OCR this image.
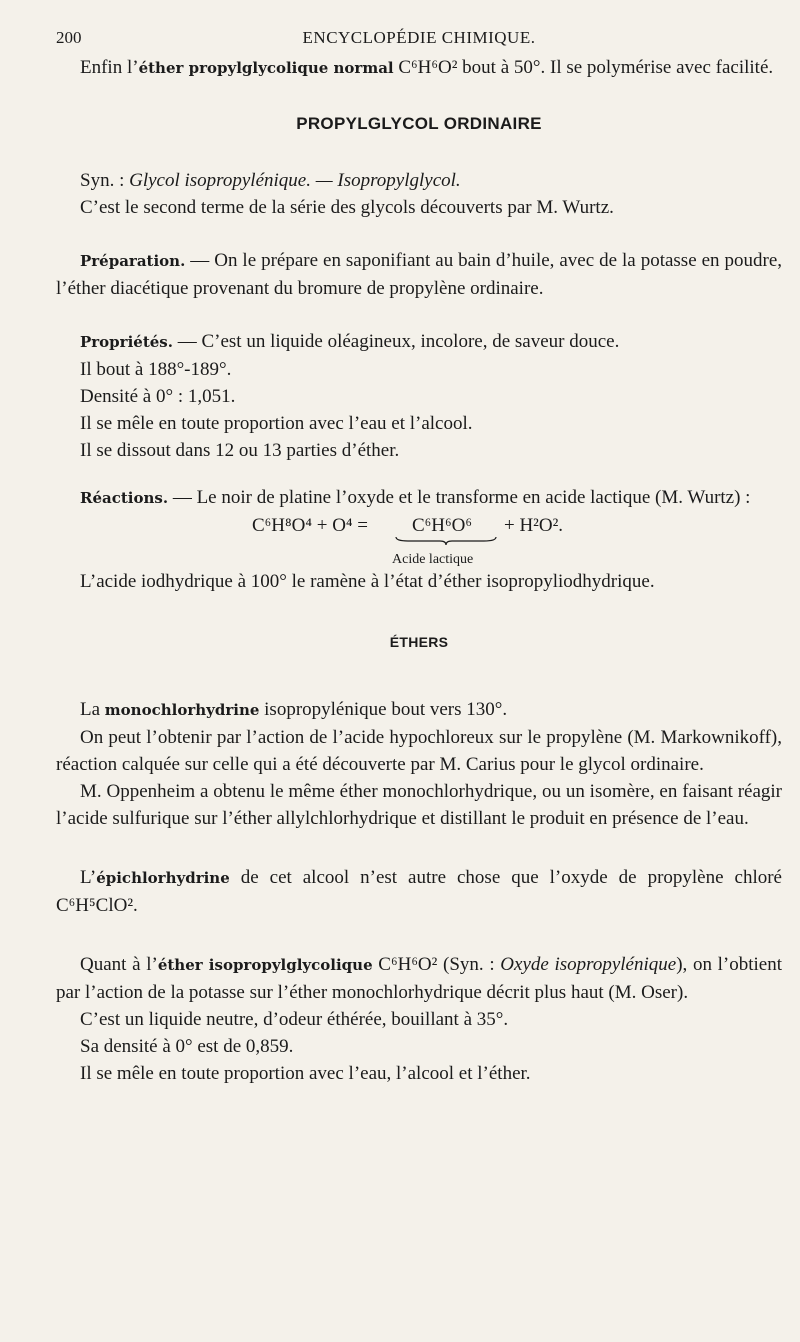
200	ENCYCLOPÉDIE CHIMIQUE.

Enfin l’éther propylglycolique normal C⁶H⁶O² bout à 50°. Il se polymérise avec facilité.

PROPYLGLYCOL ORDINAIRE

Syn. : Glycol isopropylénique. — Isopropylglycol.

C’est le second terme de la série des glycols découverts par M. Wurtz.

Préparation. — On le prépare en saponifiant au bain d’huile, avec de la potasse en poudre, l’éther diacétique provenant du bromure de propylène ordinaire.

Propriétés. — C’est un liquide oléagineux, incolore, de saveur douce.

Il bout à 188°-189°.

Densité à 0° : 1,051.

Il se mêle en toute proportion avec l’eau et l’alcool.

Il se dissout dans 12 ou 13 parties d’éther.

Réactions. — Le noir de platine l’oxyde et le transforme en acide lactique (M. Wurtz) :

C⁶H⁸O⁴ + O⁴ = C⁶H⁶O⁶
Acide lactique
+ H²O².

L’acide iodhydrique à 100° le ramène à l’état d’éther isopropyliodhydrique.

ÉTHERS

La monochlorhydrine isopropylénique bout vers 130°.

On peut l’obtenir par l’action de l’acide hypochloreux sur le propylène (M. Markownikoff), réaction calquée sur celle qui a été découverte par M. Carius pour le glycol ordinaire.

M. Oppenheim a obtenu le même éther monochlorhydrique, ou un isomère, en faisant réagir l’acide sulfurique sur l’éther allylchlorhydrique et distillant le produit en présence de l’eau.

L’épichlorhydrine de cet alcool n’est autre chose que l’oxyde de propylène chloré C⁶H⁵ClO².

Quant à l’éther isopropylglycolique C⁶H⁶O² (Syn. : Oxyde isopropylénique), on l’obtient par l’action de la potasse sur l’éther monochlorhydrique décrit plus haut (M. Oser).

C’est un liquide neutre, d’odeur éthérée, bouillant à 35°.

Sa densité à 0° est de 0,859.

Il se mêle en toute proportion avec l’eau, l’alcool et l’éther.
